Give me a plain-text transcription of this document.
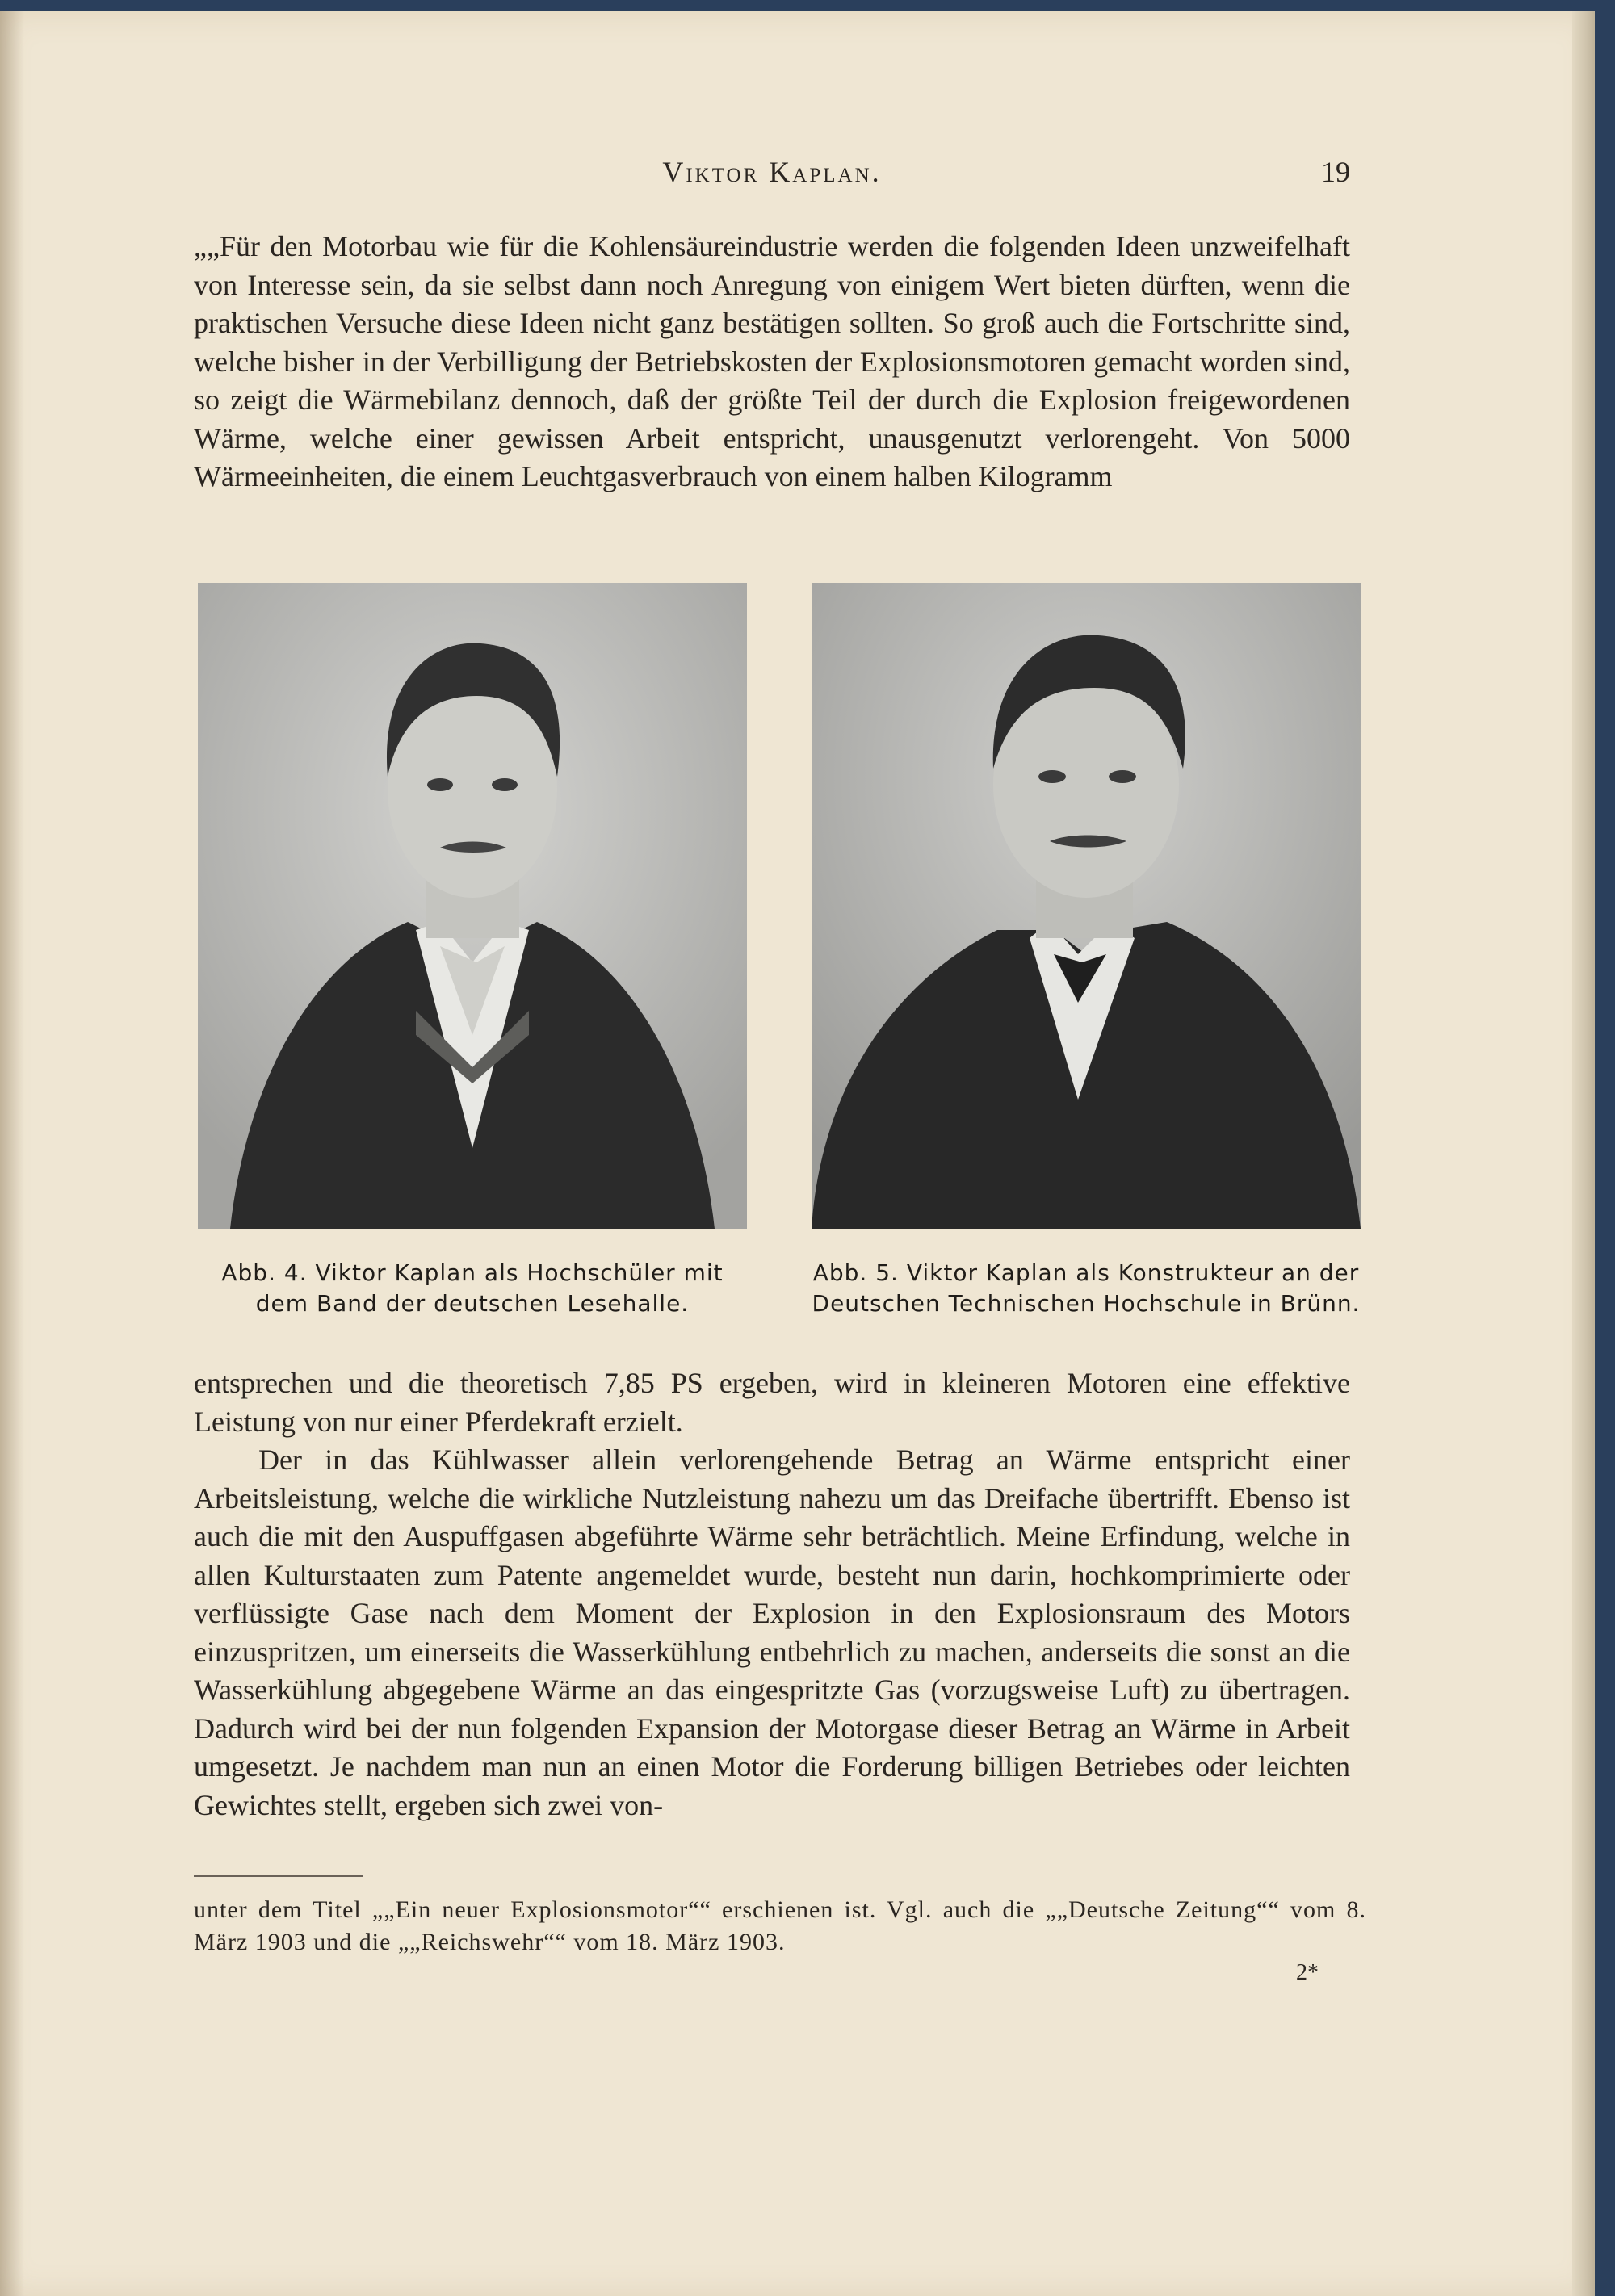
Viktor Kaplan.	19

„„Für den Motorbau wie für die Kohlensäureindustrie werden die folgenden Ideen unzweifelhaft von Interesse sein, da sie selbst dann noch Anregung von einigem Wert bieten dürften, wenn die praktischen Versuche diese Ideen nicht ganz bestätigen sollten. So groß auch die Fortschritte sind, welche bisher in der Verbilligung der Betriebskosten der Explosionsmotoren gemacht worden sind, so zeigt die Wärmebilanz dennoch, daß der größte Teil der durch die Explosion freigewordenen Wärme, welche einer gewissen Arbeit entspricht, unausgenutzt verlorengeht. Von 5000 Wärmeeinheiten, die einem Leuchtgasverbrauch von einem halben Kilogramm

Abb. 4. Viktor Kaplan als Hochschüler mit
dem Band der deutschen Lesehalle.
Abb. 5. Viktor Kaplan als Konstrukteur an der
Deutschen Technischen Hochschule in Brünn.

entsprechen und die theoretisch 7,85 PS ergeben, wird in kleineren Motoren eine effektive Leistung von nur einer Pferdekraft erzielt.

Der in das Kühlwasser allein verlorengehende Betrag an Wärme entspricht einer Arbeitsleistung, welche die wirkliche Nutzleistung nahezu um das Dreifache übertrifft. Ebenso ist auch die mit den Auspuffgasen abgeführte Wärme sehr beträchtlich. Meine Erfindung, welche in allen Kulturstaaten zum Patente angemeldet wurde, besteht nun darin, hochkomprimierte oder verflüssigte Gase nach dem Moment der Explosion in den Explosionsraum des Motors einzuspritzen, um einerseits die Wasserkühlung entbehrlich zu machen, anderseits die sonst an die Wasserkühlung abgegebene Wärme an das eingespritzte Gas (vorzugsweise Luft) zu übertragen. Dadurch wird bei der nun folgenden Expansion der Motorgase dieser Betrag an Wärme in Arbeit umgesetzt. Je nachdem man nun an einen Motor die Forderung billigen Betriebes oder leichten Gewichtes stellt, ergeben sich zwei von-

unter dem Titel „„Ein neuer Explosionsmotor““ erschienen ist. Vgl. auch die „„Deutsche Zeitung““ vom 8. März 1903 und die „„Reichswehr““ vom 18. März 1903.

2*
